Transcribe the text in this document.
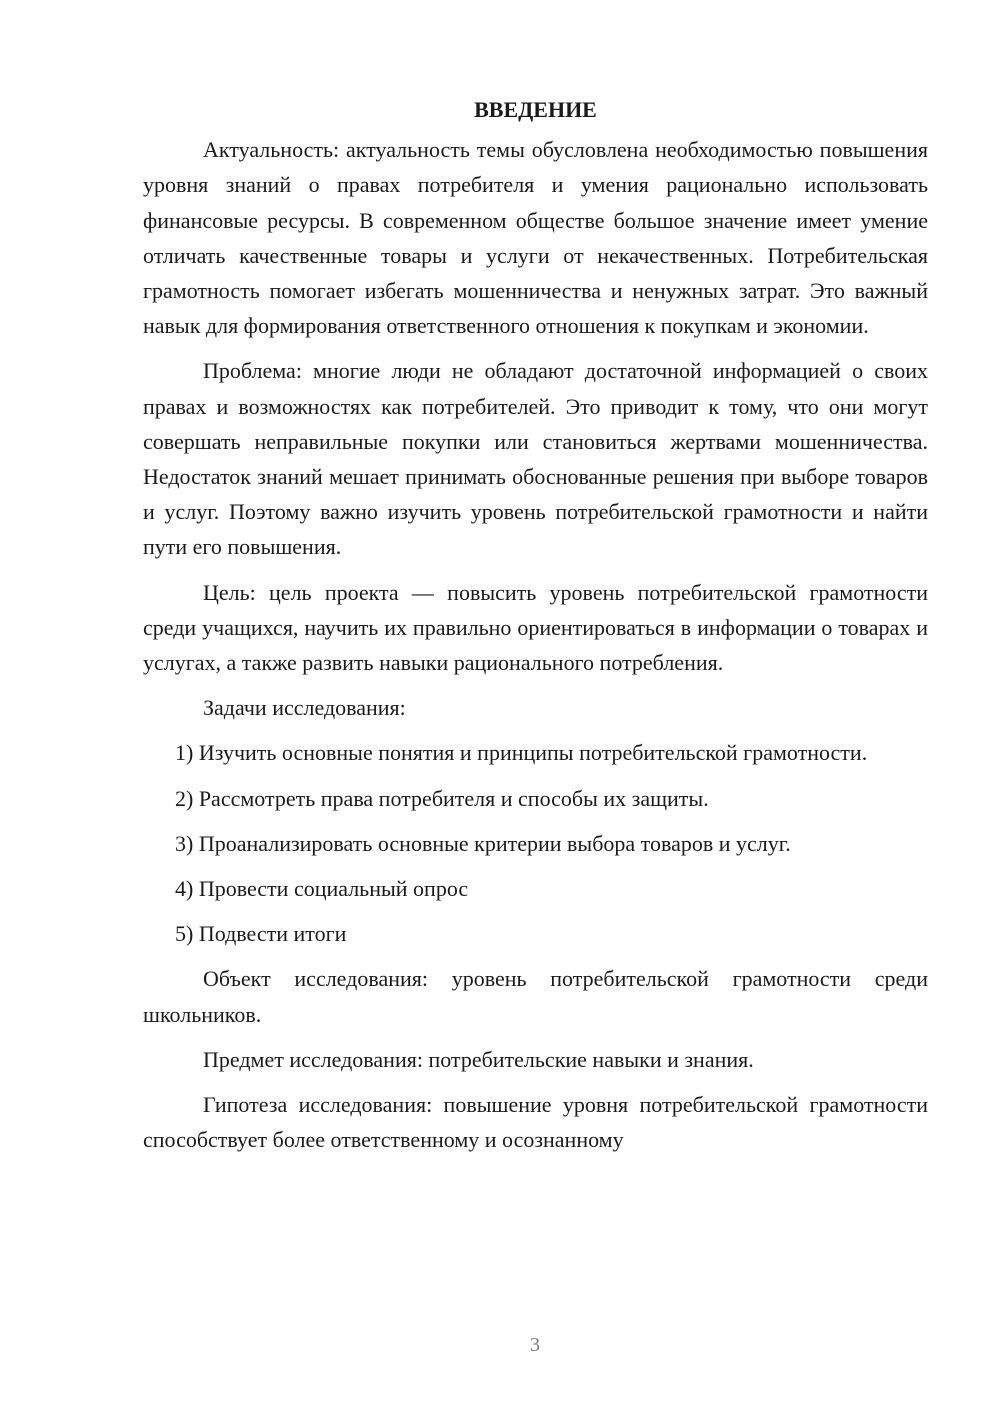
ВВЕДЕНИЕ

Актуальность: актуальность темы обусловлена необходимостью повышения уровня знаний о правах потребителя и умения рационально использовать финансовые ресурсы. В современном обществе большое значение имеет умение отличать качественные товары и услуги от некачественных. Потребительская грамотность помогает избегать мошенничества и ненужных затрат. Это важный навык для формирования ответственного отношения к покупкам и экономии.

Проблема: многие люди не обладают достаточной информацией о своих правах и возможностях как потребителей. Это приводит к тому, что они могут совершать неправильные покупки или становиться жертвами мошенничества. Недостаток знаний мешает принимать обоснованные решения при выборе товаров и услуг. Поэтому важно изучить уровень потребительской грамотности и найти пути его повышения.

Цель: цель проекта — повысить уровень потребительской грамотности среди учащихся, научить их правильно ориентироваться в информации о товарах и услугах, а также развить навыки рационального потребления.

Задачи исследования:

1) Изучить основные понятия и принципы потребительской грамотности.

2) Рассмотреть права потребителя и способы их защиты.

3) Проанализировать основные критерии выбора товаров и услуг.

4) Провести социальный опрос

5) Подвести итоги

Объект исследования: уровень потребительской грамотности среди школьников.

Предмет исследования: потребительские навыки и знания.

Гипотеза исследования: повышение уровня потребительской грамотности способствует более ответственному и осознанному

3
